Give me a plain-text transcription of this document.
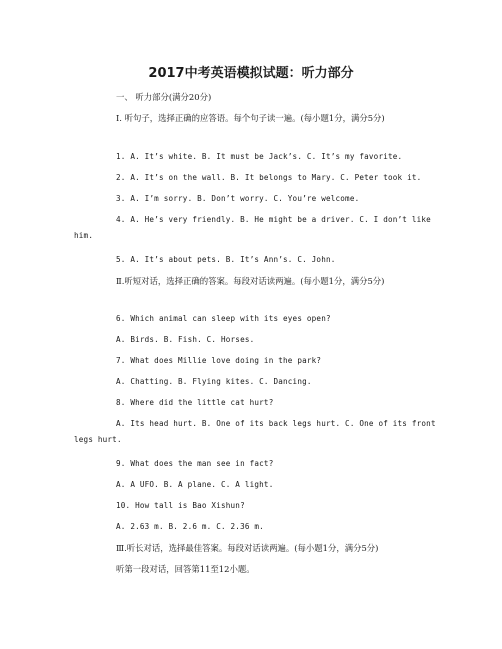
2017中考英语模拟试题：听力部分
一、 听力部分(满分20分)
Ⅰ. 听句子，选择正确的应答语。每个句子读一遍。(每小题1分，满分5分)
1. A. It’s white. B. It must be Jack’s. C. It’s my favorite.
2. A. It’s on the wall. B. It belongs to Mary. C. Peter took it.
3. A. I’m sorry. B. Don’t worry. C. You’re welcome.
4. A. He’s very friendly. B. He might be a driver. C. I don’t like him.
5. A. It’s about pets. B. It’s Ann’s. C. John.
Ⅱ.听短对话，选择正确的答案。每段对话读两遍。(每小题1分，满分5分)
6. Which animal can sleep with its eyes open?
A. Birds. B. Fish. C. Horses.
7. What does Millie love doing in the park?
A. Chatting. B. Flying kites. C. Dancing.
8. Where did the little cat hurt?
A. Its head hurt. B. One of its back legs hurt. C. One of its front legs hurt.
9. What does the man see in fact?
A. A UFO. B. A plane. C. A light.
10. How tall is Bao Xishun?
A. 2.63 m. B. 2.6 m. C. 2.36 m.
Ⅲ.听长对话，选择最佳答案。每段对话读两遍。(每小题1分，满分5分)
听第一段对话，回答第11至12小题。
